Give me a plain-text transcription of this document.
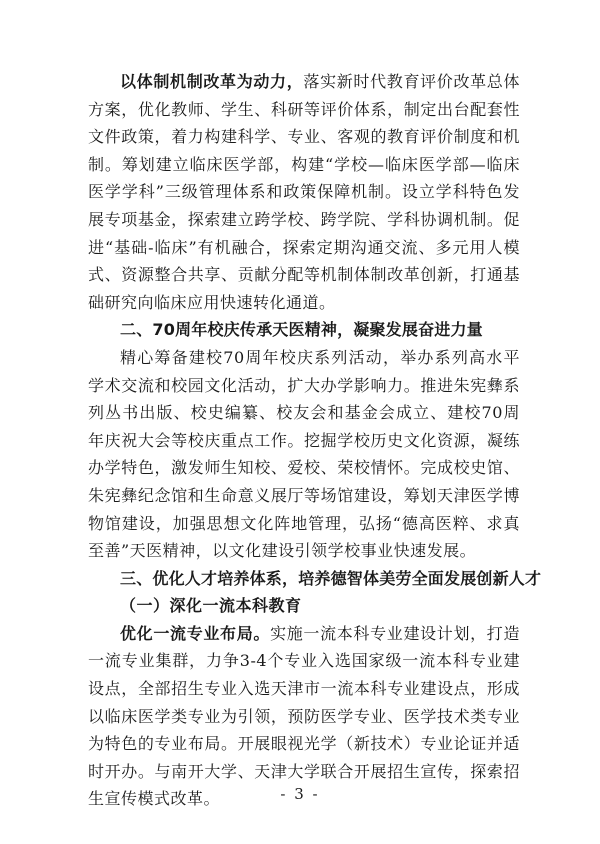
以体制机制改革为动力，落实新时代教育评价改革总体方案，优化教师、学生、科研等评价体系，制定出台配套性文件政策，着力构建科学、专业、客观的教育评价制度和机制。筹划建立临床医学部，构建“学校—临床医学部—临床医学学科”三级管理体系和政策保障机制。设立学科特色发展专项基金，探索建立跨学校、跨学院、学科协调机制。促进“基础-临床”有机融合，探索定期沟通交流、多元用人模式、资源整合共享、贡献分配等机制体制改革创新，打通基础研究向临床应用快速转化通道。

二、70周年校庆传承天医精神，凝聚发展奋进力量

精心筹备建校70周年校庆系列活动，举办系列高水平学术交流和校园文化活动，扩大办学影响力。推进朱宪彝系列丛书出版、校史编纂、校友会和基金会成立、建校70周年庆祝大会等校庆重点工作。挖掘学校历史文化资源，凝练办学特色，激发师生知校、爱校、荣校情怀。完成校史馆、朱宪彝纪念馆和生命意义展厅等场馆建设，筹划天津医学博物馆建设，加强思想文化阵地管理，弘扬“德高医粹、求真至善”天医精神，以文化建设引领学校事业快速发展。

三、优化人才培养体系，培养德智体美劳全面发展创新人才

（一）深化一流本科教育

优化一流专业布局。实施一流本科专业建设计划，打造一流专业集群，力争3-4个专业入选国家级一流本科专业建设点，全部招生专业入选天津市一流本科专业建设点，形成以临床医学类专业为引领，预防医学专业、医学技术类专业为特色的专业布局。开展眼视光学（新技术）专业论证并适时开办。与南开大学、天津大学联合开展招生宣传，探索招生宣传模式改革。	- 3 -
